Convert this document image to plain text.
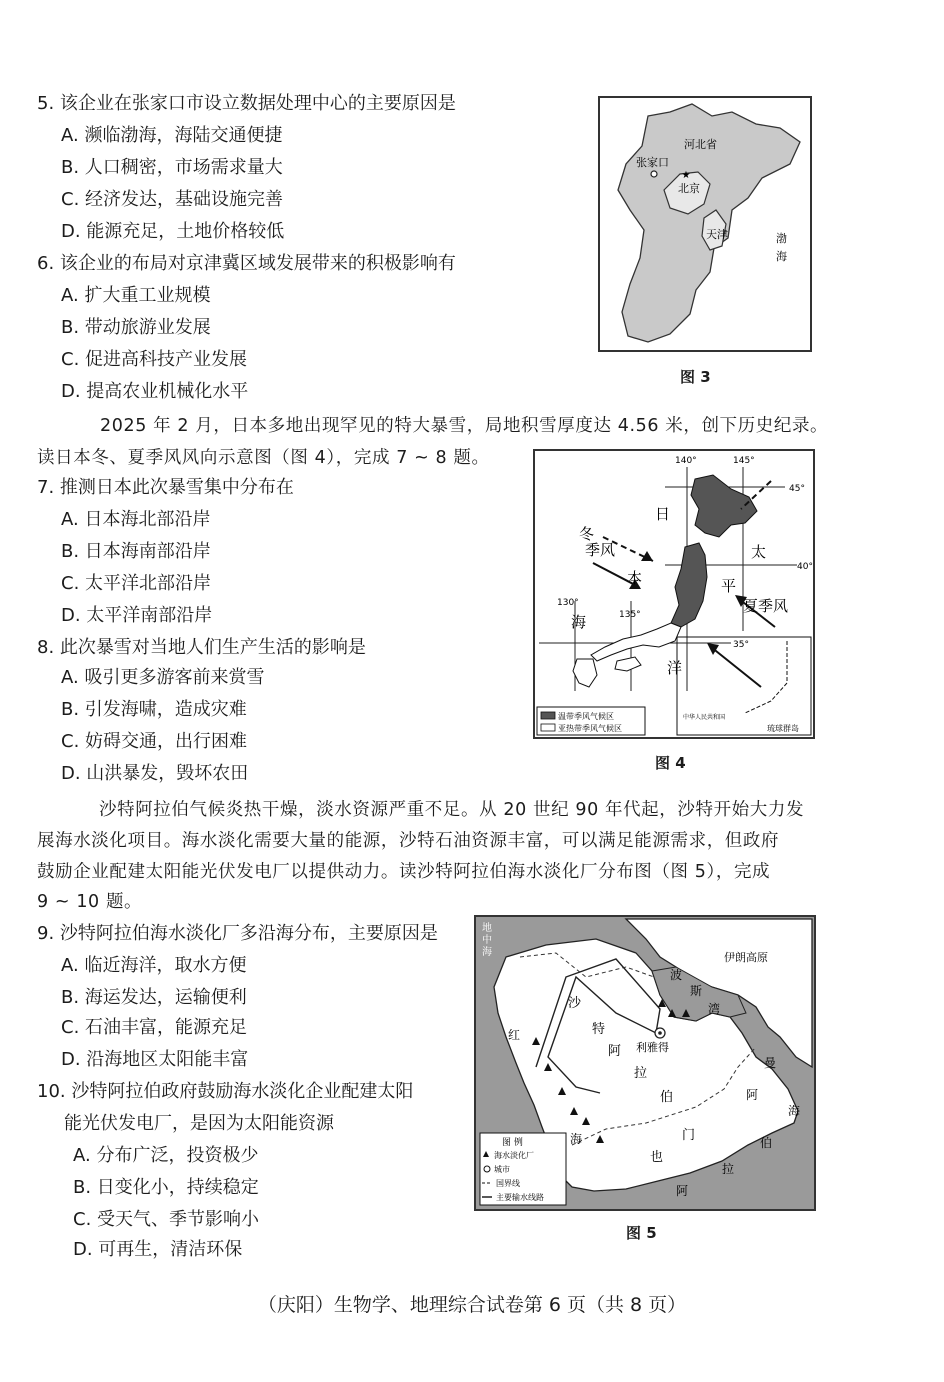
5. 该企业在张家口市设立数据处理中心的主要原因是
A. 濒临渤海，海陆交通便捷
B. 人口稠密，市场需求量大
C. 经济发达，基础设施完善
D. 能源充足，土地价格较低
6. 该企业的布局对京津冀区域发展带来的积极影响有
A. 扩大重工业规模
B. 带动旅游业发展
C. 促进高科技产业发展
D. 提高农业机械化水平
★
河北省
张家口
北京
天津	渤
海
图 3
2025 年 2 月，日本多地出现罕见的特大暴雪，局地积雪厚度达 4.56 米，创下历史纪录。
读日本冬、夏季风风向示意图（图 4），完成 7 ~ 8 题。
7. 推测日本此次暴雪集中分布在
A. 日本海北部沿岸
B. 日本海南部沿岸
C. 太平洋北部沿岸
D. 太平洋南部沿岸
8. 此次暴雪对当地人们生产生活的影响是
A. 吸引更多游客前来赏雪
B. 引发海啸，造成灾难
C. 妨碍交通，出行困难
D. 山洪暴发，毁坏农田
140°	145°
45°
40°
35°
130°
135°
日
本
海
太
平
洋
冬
季风
夏季风
温带季风气候区
亚热带季风气候区
中华人民共和国
琉球群岛
图 4
沙特阿拉伯气候炎热干燥，淡水资源严重不足。从 20 世纪 90 年代起，沙特开始大力发
展海水淡化项目。海水淡化需要大量的能源，沙特石油资源丰富，可以满足能源需求，但政府
鼓励企业配建太阳能光伏发电厂以提供动力。读沙特阿拉伯海水淡化厂分布图（图 5），完成
9 ~ 10 题。
9. 沙特阿拉伯海水淡化厂多沿海分布，主要原因是
A. 临近海洋，取水方便
B. 海运发达，运输便利
C. 石油丰富，能源充足
D. 沿海地区太阳能丰富
10. 沙特阿拉伯政府鼓励海水淡化企业配建太阳
能光伏发电厂，是因为太阳能资源
A. 分布广泛，投资极少
B. 日变化小，持续稳定
C. 受天气、季节影响小
D. 可再生，清洁环保
地
中
海	伊朗高原
波
斯
湾
沙
特
阿
拉
伯
利雅得
红
海	门
也
曼
阿
海
伯
拉
阿
图 例
海水淡化厂
城市
国界线
主要输水线路
图 5
（庆阳）生物学、地理综合试卷第 6 页（共 8 页）
